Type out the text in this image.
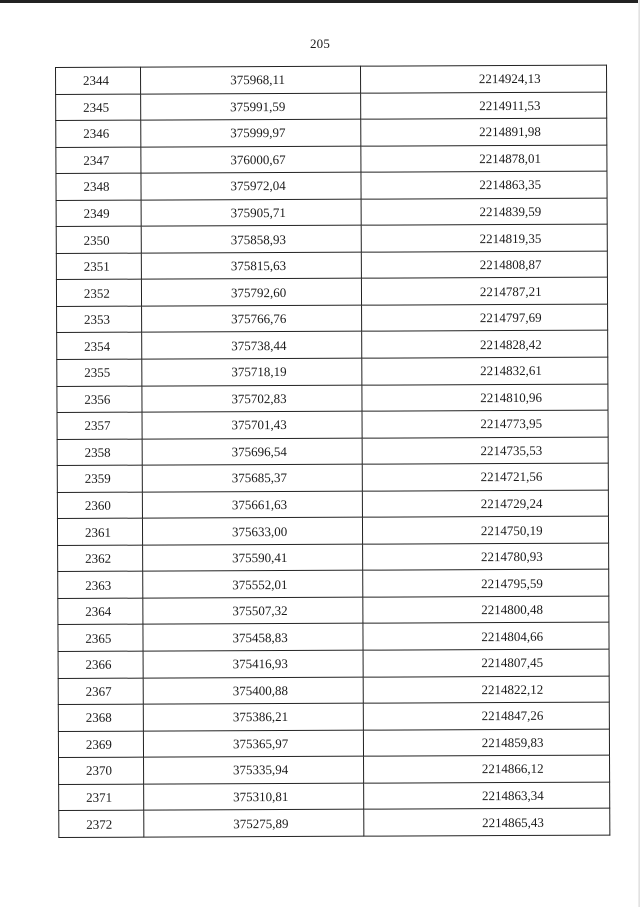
205
2344	375968,11	2214924,13
2345	375991,59	2214911,53
2346	375999,97	2214891,98
2347	376000,67	2214878,01
2348	375972,04	2214863,35
2349	375905,71	2214839,59
2350	375858,93	2214819,35
2351	375815,63	2214808,87
2352	375792,60	2214787,21
2353	375766,76	2214797,69
2354	375738,44	2214828,42
2355	375718,19	2214832,61
2356	375702,83	2214810,96
2357	375701,43	2214773,95
2358	375696,54	2214735,53
2359	375685,37	2214721,56
2360	375661,63	2214729,24
2361	375633,00	2214750,19
2362	375590,41	2214780,93
2363	375552,01	2214795,59
2364	375507,32	2214800,48
2365	375458,83	2214804,66
2366	375416,93	2214807,45
2367	375400,88	2214822,12
2368	375386,21	2214847,26
2369	375365,97	2214859,83
2370	375335,94	2214866,12
2371	375310,81	2214863,34
2372	375275,89	2214865,43
